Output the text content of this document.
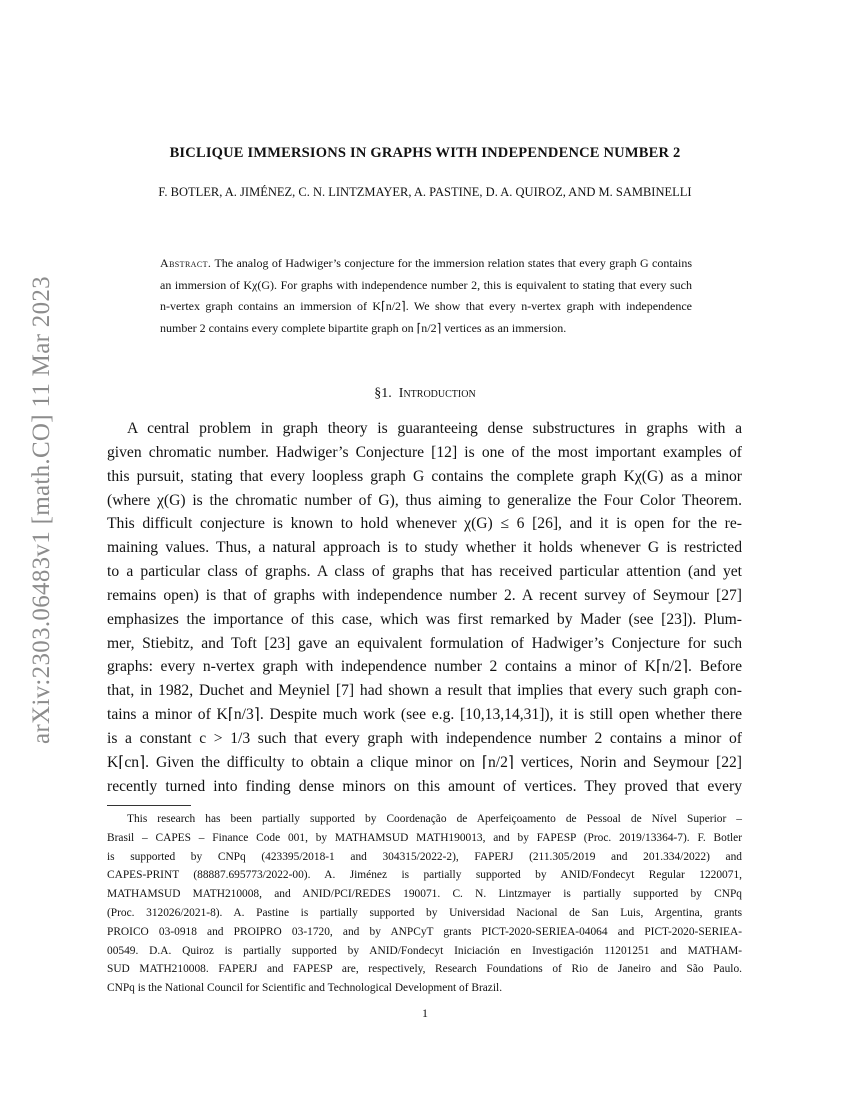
arXiv:2303.06483v1 [math.CO] 11 Mar 2023
BICLIQUE IMMERSIONS IN GRAPHS WITH INDEPENDENCE NUMBER 2
F. BOTLER, A. JIMÉNEZ, C. N. LINTZMAYER, A. PASTINE, D. A. QUIROZ, AND M. SAMBINELLI
Abstract. The analog of Hadwiger’s conjecture for the immersion relation states that every graph G contains an immersion of Kχ(G). For graphs with independence number 2, this is equivalent to stating that every such n-vertex graph contains an immersion of K⌈n/2⌉. We show that every n-vertex graph with independence number 2 contains every complete bipartite graph on ⌈n/2⌉ vertices as an immersion.
§1. Introduction
A central problem in graph theory is guaranteeing dense substructures in graphs with a
given chromatic number. Hadwiger’s Conjecture [12] is one of the most important examples of
this pursuit, stating that every loopless graph G contains the complete graph Kχ(G) as a minor
(where χ(G) is the chromatic number of G), thus aiming to generalize the Four Color Theorem.
This difficult conjecture is known to hold whenever χ(G) ≤ 6 [26], and it is open for the re-
maining values. Thus, a natural approach is to study whether it holds whenever G is restricted
to a particular class of graphs. A class of graphs that has received particular attention (and yet
remains open) is that of graphs with independence number 2. A recent survey of Seymour [27]
emphasizes the importance of this case, which was first remarked by Mader (see [23]). Plum-
mer, Stiebitz, and Toft [23] gave an equivalent formulation of Hadwiger’s Conjecture for such
graphs: every n-vertex graph with independence number 2 contains a minor of K⌈n/2⌉. Before
that, in 1982, Duchet and Meyniel [7] had shown a result that implies that every such graph con-
tains a minor of K⌈n/3⌉. Despite much work (see e.g. [10,13,14,31]), it is still open whether there
is a constant c > 1/3 such that every graph with independence number 2 contains a minor of
K⌈cn⌉. Given the difficulty to obtain a clique minor on ⌈n/2⌉ vertices, Norin and Seymour [22]
recently turned into finding dense minors on this amount of vertices. They proved that every
This research has been partially supported by Coordenação de Aperfeiçoamento de Pessoal de Nível Superior –
Brasil – CAPES – Finance Code 001, by MATHAMSUD MATH190013, and by FAPESP (Proc. 2019/13364-7). F. Botler
is supported by CNPq (423395/2018-1 and 304315/2022-2), FAPERJ (211.305/2019 and 201.334/2022) and
CAPES-PRINT (88887.695773/2022-00). A. Jiménez is partially supported by ANID/Fondecyt Regular 1220071,
MATHAMSUD MATH210008, and ANID/PCI/REDES 190071. C. N. Lintzmayer is partially supported by CNPq
(Proc. 312026/2021-8). A. Pastine is partially supported by Universidad Nacional de San Luis, Argentina, grants
PROICO 03-0918 and PROIPRO 03-1720, and by ANPCyT grants PICT-2020-SERIEA-04064 and PICT-2020-SERIEA-
00549. D.A. Quiroz is partially supported by ANID/Fondecyt Iniciación en Investigación 11201251 and MATHAM-
SUD MATH210008. FAPERJ and FAPESP are, respectively, Research Foundations of Rio de Janeiro and São Paulo.
CNPq is the National Council for Scientific and Technological Development of Brazil.
1
